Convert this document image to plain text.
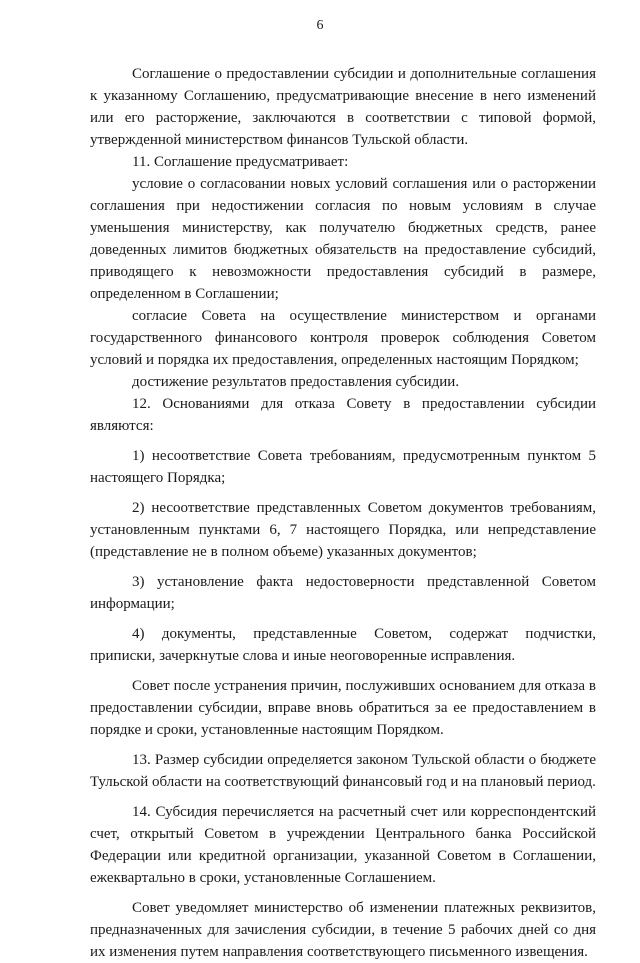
6

Соглашение о предоставлении субсидии и дополнительные соглашения к указанному Соглашению, предусматривающие внесение в него изменений или его расторжение, заключаются в соответствии с типовой формой, утвержденной министерством финансов Тульской области.

11. Соглашение предусматривает:

условие о согласовании новых условий соглашения или о расторжении соглашения при недостижении согласия по новым условиям в случае уменьшения министерству, как получателю бюджетных средств, ранее доведенных лимитов бюджетных обязательств на предоставление субсидий, приводящего к невозможности предоставления субсидий в размере, определенном в Соглашении;

согласие Совета на осуществление министерством и органами государственного финансового контроля проверок соблюдения Советом условий и порядка их предоставления, определенных настоящим Порядком;

достижение результатов предоставления субсидии.

12. Основаниями для отказа Совету в предоставлении субсидии являются:

1) несоответствие Совета требованиям, предусмотренным пунктом 5 настоящего Порядка;

2) несоответствие представленных Советом документов требованиям, установленным пунктами 6, 7 настоящего Порядка, или непредставление (представление не в полном объеме) указанных документов;

3) установление факта недостоверности представленной Советом информации;

4) документы, представленные Советом, содержат подчистки, приписки, зачеркнутые слова и иные неоговоренные исправления.

Совет после устранения причин, послуживших основанием для отказа в предоставлении субсидии, вправе вновь обратиться за ее предоставлением в порядке и сроки, установленные настоящим Порядком.

13. Размер субсидии определяется законом Тульской области о бюджете Тульской области на соответствующий финансовый год и на плановый период.

14. Субсидия перечисляется на расчетный счет или корреспондентский счет, открытый Советом в учреждении Центрального банка Российской Федерации или кредитной организации, указанной Советом в Соглашении, ежеквартально в сроки, установленные Соглашением.

Совет уведомляет министерство об изменении платежных реквизитов, предназначенных для зачисления субсидии, в течение 5 рабочих дней со дня их изменения путем направления соответствующего письменного извещения.
